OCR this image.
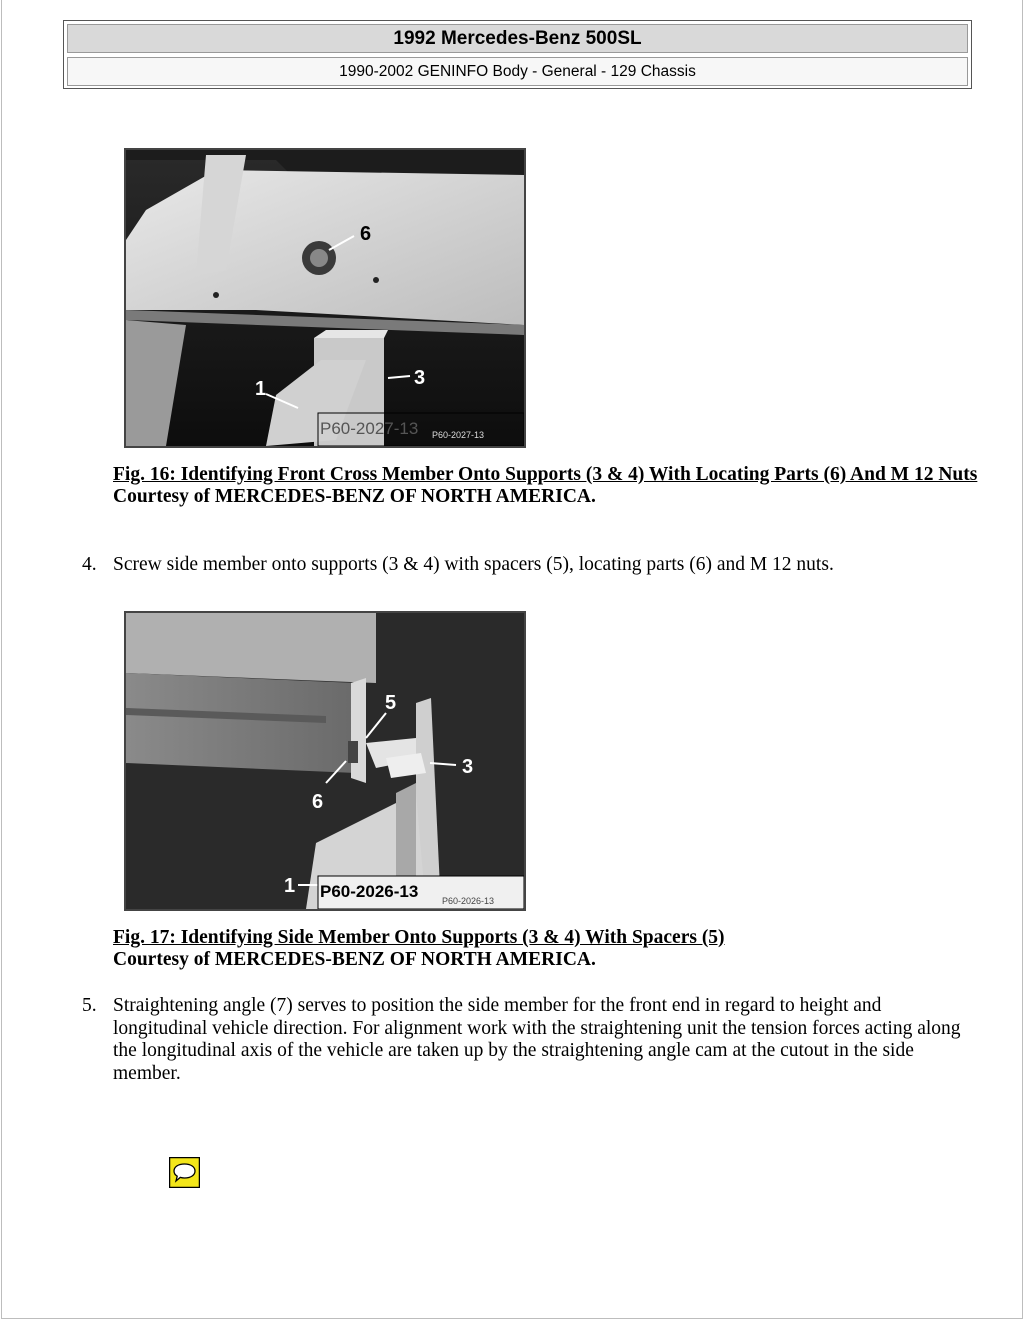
1992 Mercedes-Benz 500SL
1990-2002 GENINFO Body - General - 129 Chassis
6
3
1
P60-2027-13 P60-2027-13
Fig. 16: Identifying Front Cross Member Onto Supports (3 & 4) With Locating Parts (6) And M 12 Nuts
Courtesy of MERCEDES-BENZ OF NORTH AMERICA.
4. Screw side member onto supports (3 & 4) with spacers (5), locating parts (6) and M 12 nuts.
5
3
6
1 P60-2026-13	P60-2026-13
Fig. 17: Identifying Side Member Onto Supports (3 & 4) With Spacers (5)
Courtesy of MERCEDES-BENZ OF NORTH AMERICA.
5. Straightening angle (7) serves to position the side member for the front end in regard to height and longitudinal vehicle direction. For alignment work with the straightening unit the tension forces acting along the longitudinal axis of the vehicle are taken up by the straightening angle cam at the cutout in the side member.
